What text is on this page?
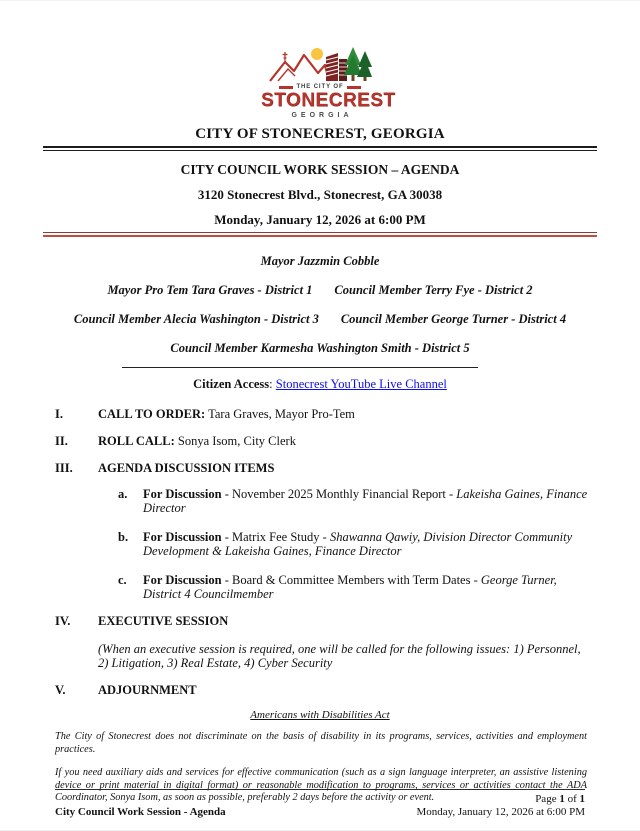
THE CITY OF
STONECREST
GEORGIA
CITY OF STONECREST, GEORGIA
CITY COUNCIL WORK SESSION – AGENDA
3120 Stonecrest Blvd., Stonecrest, GA 30038
Monday, January 12, 2026 at 6:00 PM
Mayor Jazzmin Cobble
Mayor Pro Tem Tara Graves - District 1 Council Member Terry Fye - District 2
Council Member Alecia Washington - District 3 Council Member George Turner - District 4
Council Member Karmesha Washington Smith - District 5
Citizen Access: Stonecrest YouTube Live Channel
I.	CALL TO ORDER: Tara Graves, Mayor Pro-Tem
II. ROLL CALL: Sonya Isom, City Clerk
III. AGENDA DISCUSSION ITEMS
a. For Discussion - November 2025 Monthly Financial Report - Lakeisha Gaines, Finance Director
b. For Discussion - Matrix Fee Study - Shawanna Qawiy, Division Director Community Development & Lakeisha Gaines, Finance Director
c. For Discussion - Board & Committee Members with Term Dates - George Turner, District 4 Councilmember
IV. EXECUTIVE SESSION
(When an executive session is required, one will be called for the following issues: 1) Personnel, 2) Litigation, 3) Real Estate, 4) Cyber Security
V.	ADJOURNMENT
Americans with Disabilities Act
The City of Stonecrest does not discriminate on the basis of disability in its programs, services, activities and employment practices.
If you need auxiliary aids and services for effective communication (such as a sign language interpreter, an assistive listening device or print material in digital format) or reasonable modification to programs, services or activities contact the ADA Coordinator, Sonya Isom, as soon as possible, preferably 2 days before the activity or event.	Page 1 of 1
City Council Work Session - Agenda	Monday, January 12, 2026 at 6:00 PM
